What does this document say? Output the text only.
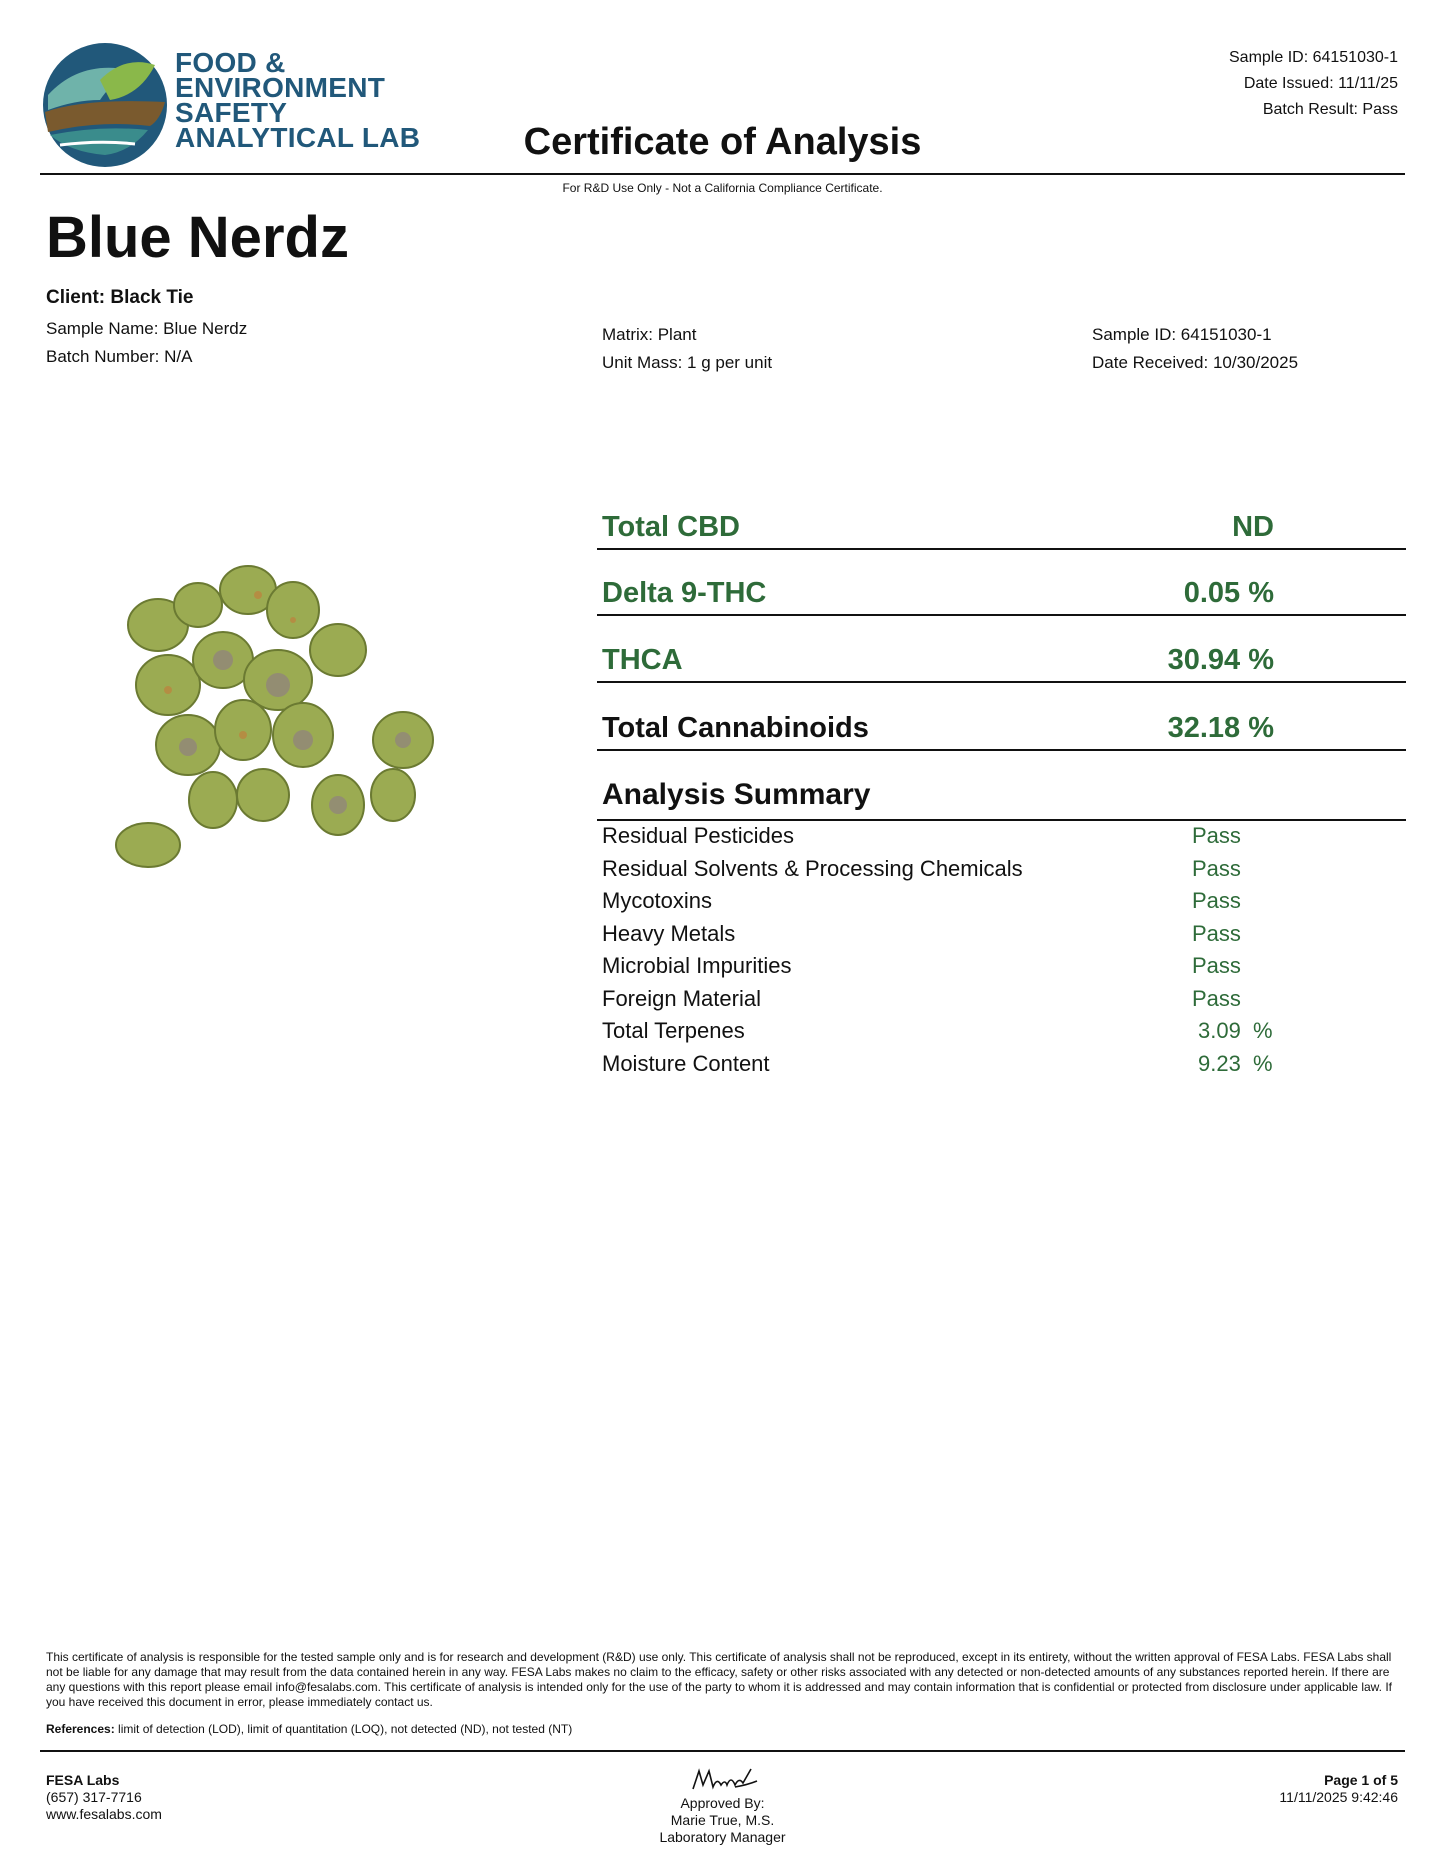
FOOD &
ENVIRONMENT
SAFETY
ANALYTICAL LAB
Sample ID: 64151030-1
Date Issued: 11/11/25
Batch Result: Pass
Certificate of Analysis
For R&D Use Only - Not a California Compliance Certificate.
Blue Nerdz
Client: Black Tie
Sample Name: Blue Nerdz
Batch Number: N/A
Matrix: Plant
Unit Mass: 1 g per unit
Sample ID: 64151030-1
Date Received: 10/30/2025
Total CBD	ND
Delta 9-THC	0.05 %
THCA	30.94 %
Total Cannabinoids	32.18 %
Analysis Summary
Residual Pesticides	Pass
Residual Solvents & Processing Chemicals	Pass
Mycotoxins	Pass
Heavy Metals	Pass
Microbial Impurities	Pass
Foreign Material	Pass
Total Terpenes	3.09  %
Moisture Content	9.23  %
This certificate of analysis is responsible for the tested sample only and is for research and development (R&D) use only. This certificate of analysis shall not be reproduced, except in its entirety, without the written approval of FESA Labs. FESA Labs shall not be liable for any damage that may result from the data contained herein in any way. FESA Labs makes no claim to the efficacy, safety or other risks associated with any detected or non-detected amounts of any substances reported herein. If there are any questions with this report please email info@fesalabs.com. This certificate of analysis is intended only for the use of the party to whom it is addressed and may contain information that is confidential or protected from disclosure under applicable law. If you have received this document in error, please immediately contact us.
References: limit of detection (LOD), limit of quantitation (LOQ), not detected (ND), not tested (NT)
FESA Labs
(657) 317-7716
www.fesalabs.com
Approved By:
Marie True, M.S.
Laboratory Manager
Page 1 of 5
11/11/2025 9:42:46
